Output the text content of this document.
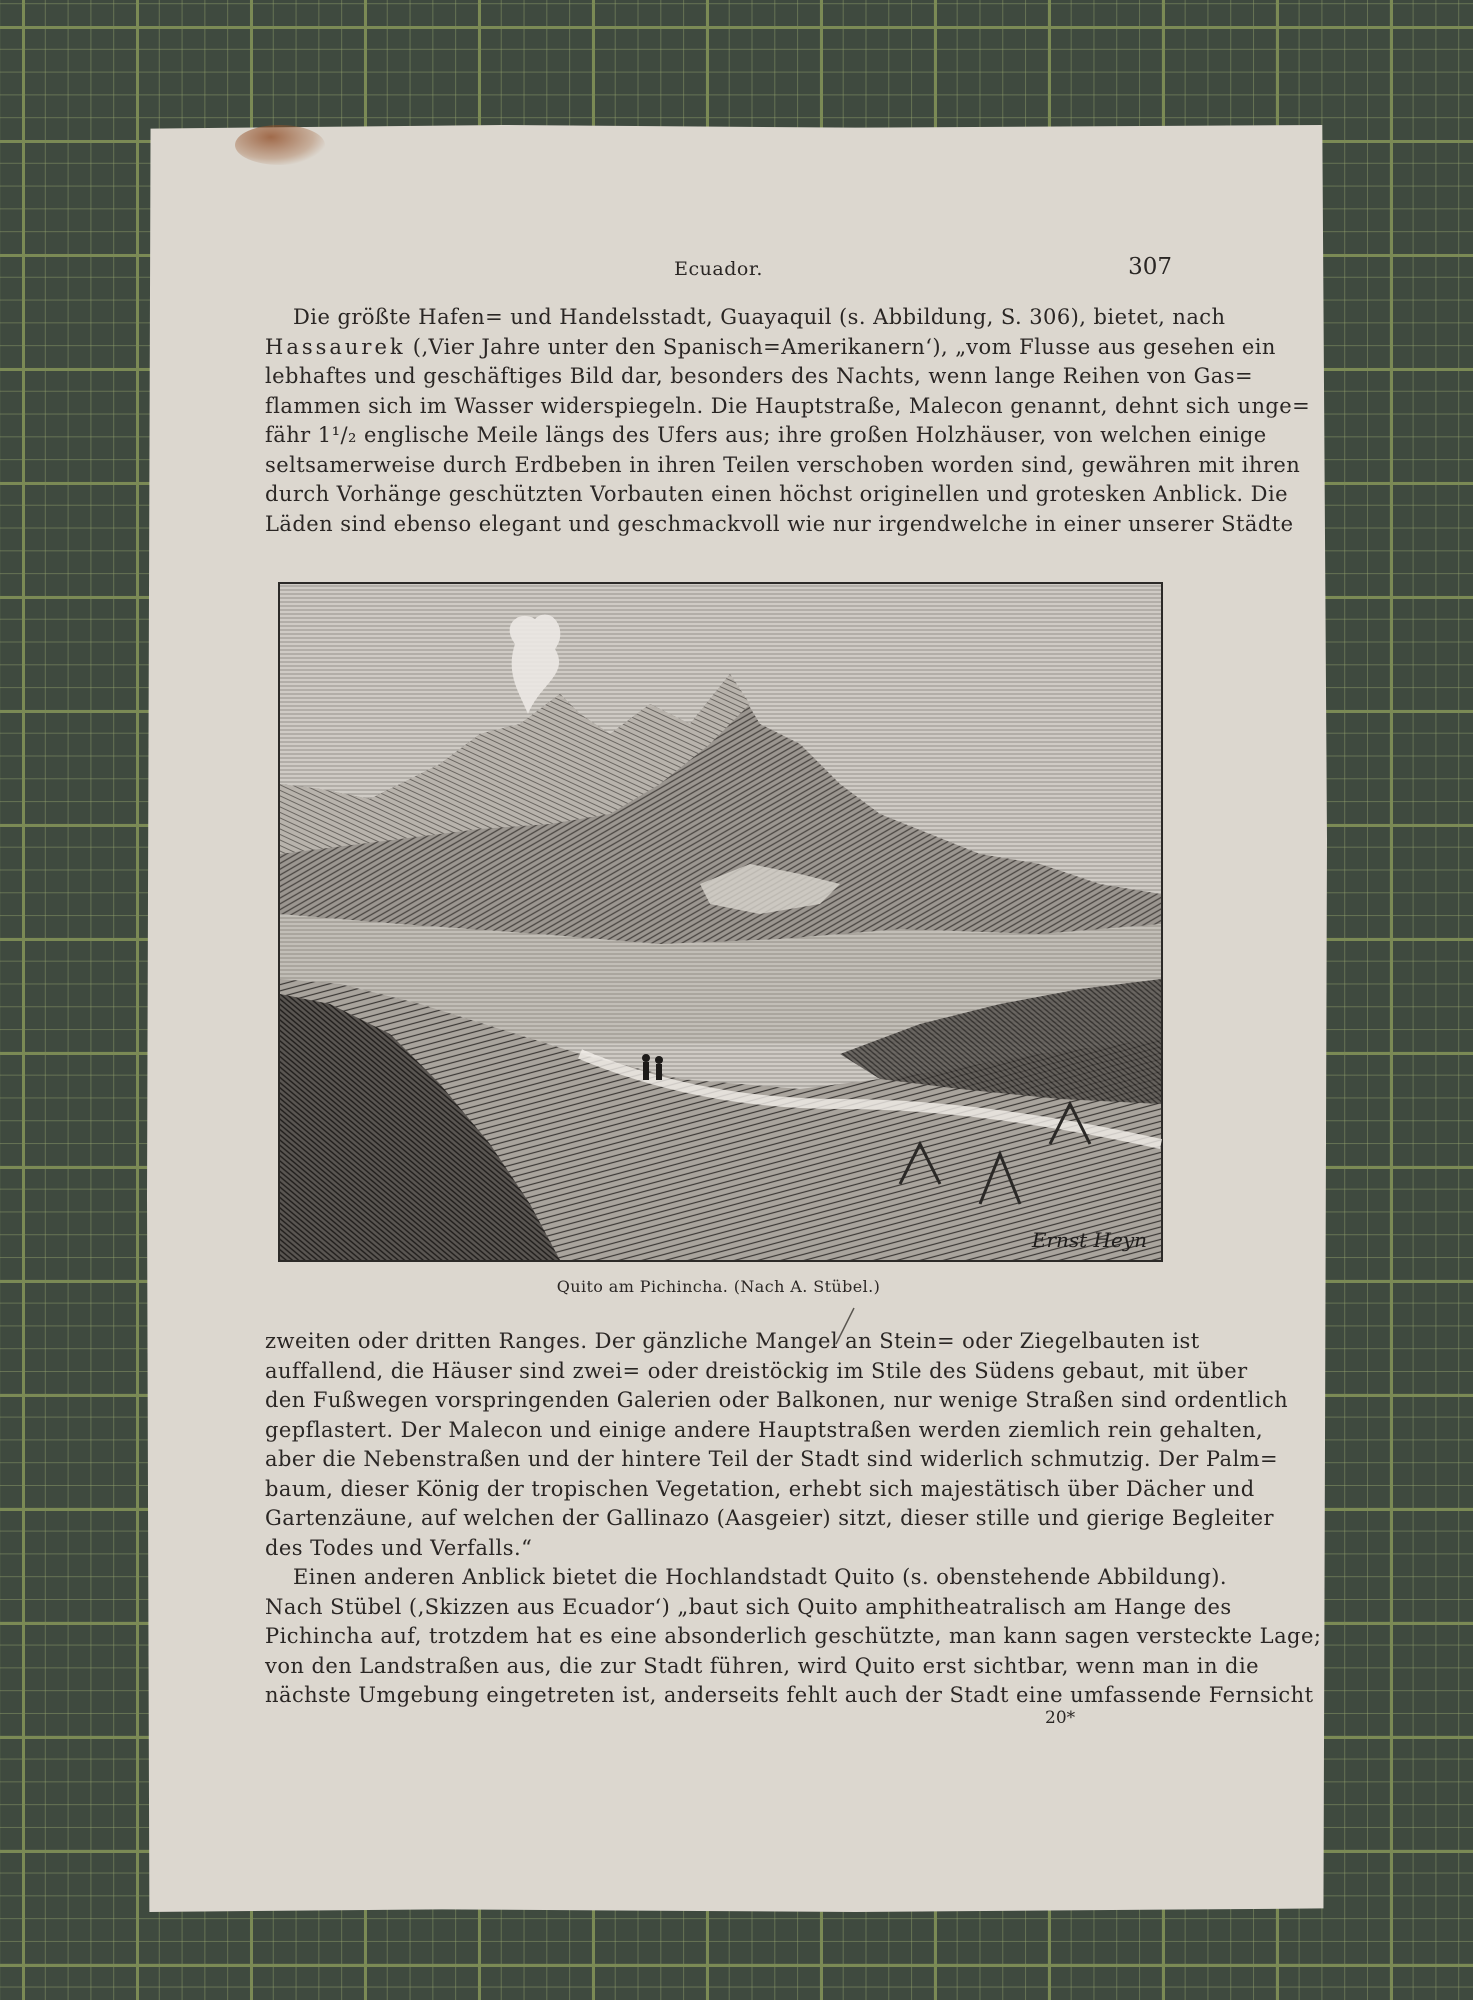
Ecuador.	307
Die größte Hafen= und Handelsstadt, Guayaquil (s. Abbildung, S. 306), bietet, nach
Hassaurek (‚Vier Jahre unter den Spanisch=Amerikanern‘), „vom Flusse aus gesehen ein
lebhaftes und geschäftiges Bild dar, besonders des Nachts, wenn lange Reihen von Gas=
flammen sich im Wasser widerspiegeln. Die Hauptstraße, Malecon genannt, dehnt sich unge=
fähr 1¹/₂ englische Meile längs des Ufers aus; ihre großen Holzhäuser, von welchen einige
seltsamerweise durch Erdbeben in ihren Teilen verschoben worden sind, gewähren mit ihren
durch Vorhänge geschützten Vorbauten einen höchst originellen und grotesken Anblick. Die
Läden sind ebenso elegant und geschmackvoll wie nur irgendwelche in einer unserer Städte
Ernst Heyn
Quito am Pichincha. (Nach A. Stübel.)
zweiten oder dritten Ranges. Der gänzliche Mangel an Stein= oder Ziegelbauten ist
auffallend, die Häuser sind zwei= oder dreistöckig im Stile des Südens gebaut, mit über
den Fußwegen vorspringenden Galerien oder Balkonen, nur wenige Straßen sind ordentlich
gepflastert. Der Malecon und einige andere Hauptstraßen werden ziemlich rein gehalten,
aber die Nebenstraßen und der hintere Teil der Stadt sind widerlich schmutzig. Der Palm=
baum, dieser König der tropischen Vegetation, erhebt sich majestätisch über Dächer und
Gartenzäune, auf welchen der Gallinazo (Aasgeier) sitzt, dieser stille und gierige Begleiter
des Todes und Verfalls.“
Einen anderen Anblick bietet die Hochlandstadt Quito (s. obenstehende Abbildung).
Nach Stübel (‚Skizzen aus Ecuador‘) „baut sich Quito amphitheatralisch am Hange des
Pichincha auf, trotzdem hat es eine absonderlich geschützte, man kann sagen versteckte Lage;
von den Landstraßen aus, die zur Stadt führen, wird Quito erst sichtbar, wenn man in die
nächste Umgebung eingetreten ist, anderseits fehlt auch der Stadt eine umfassende Fernsicht
20*
